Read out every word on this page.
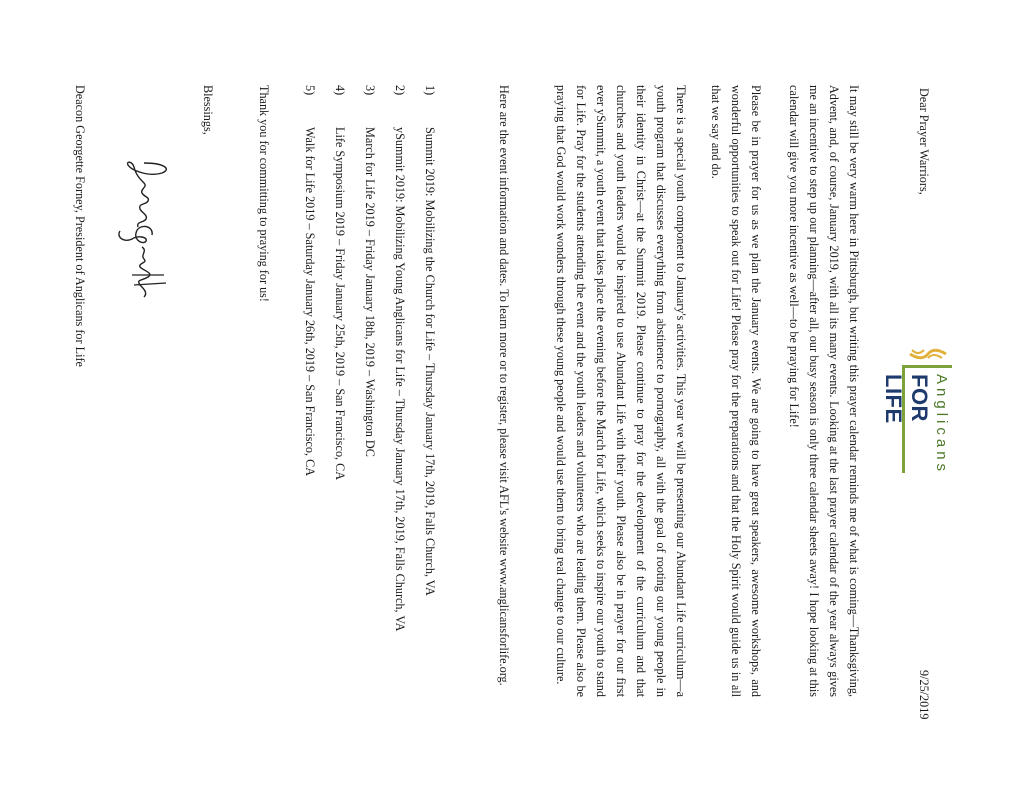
Dear Prayer Warriors,
9/25/2019
Anglicans
FOR LIFE
It may still be very warm here in Pittsburgh, but writing this prayer calendar reminds me of what is coming—Thanksgiving, Advent, and, of course, January 2019, with all its many events. Looking at the last prayer calendar of the year always gives me an incentive to step up our planning—after all, our busy season is only three calendar sheets away! I hope looking at this calendar will give you more incentive as well—to be praying for Life!
Please be in prayer for us as we plan the January events. We are going to have great speakers, awesome workshops, and wonderful opportunities to speak out for Life! Please pray for the preparations and that the Holy Spirit would guide us in all that we say and do.
There is a special youth component to January's activities. This year we will be presenting our Abundant Life curriculum—a youth program that discusses everything from abstinence to pornography, all with the goal of rooting our young people in their identity in Christ—at the Summit 2019. Please continue to pray for the development of the curriculum and that churches and youth leaders would be inspired to use Abundant Life with their youth. Please also be in prayer for our first ever ySummit, a youth event that takes place the evening before the March for Life, which seeks to inspire our youth to stand for Life. Pray for the students attending the event and the youth leaders and volunteers who are leading them. Please also be praying that God would work wonders through these young people and would use them to bring real change to our culture.
Here are the event information and dates. To learn more or to register, please visit AFL's website www.anglicansforlife.org.
1)
Summit 2019: Mobilizing the Church for Life – Thursday January 17th, 2019, Falls Church, VA
2)
ySummit 2019: Mobilizing Young Anglicans for Life – Thursday January 17th, 2019, Falls Church, VA
3)
March for Life 2019 – Friday January 18th, 2019 – Washington DC
4)
Life Symposium 2019 – Friday January 25th, 2019 – San Francisco, CA
5)
Walk for Life 2019 – Saturday January 26th, 2019 – San Francisco, CA
Thank you for committing to praying for us!
Blessings,
Deacon Georgette Forney, President of Anglicans for Life
